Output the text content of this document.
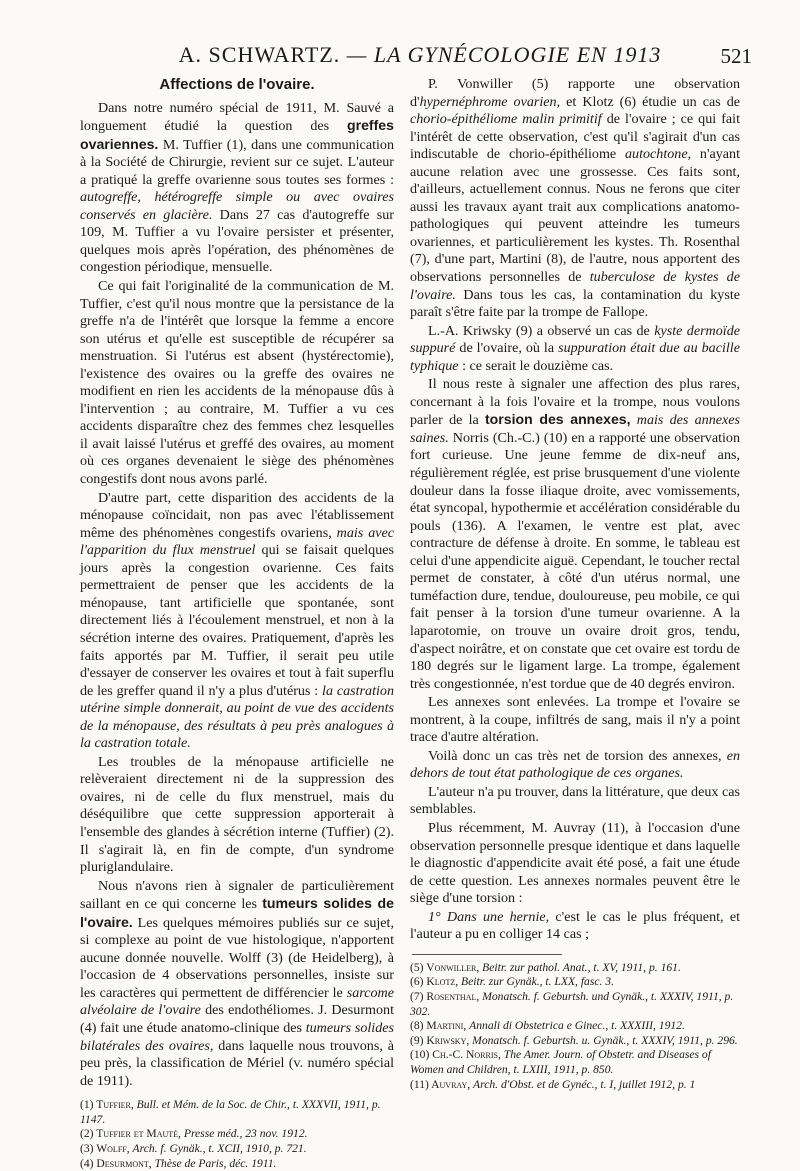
A. SCHWARTZ. — LA GYNÉCOLOGIE EN 1913	521
Affections de l'ovaire.

Dans notre numéro spécial de 1911, M. Sauvé a longuement étudié la question des greffes ovariennes. M. Tuffier (1), dans une communication à la Société de Chirurgie, revient sur ce sujet. L'auteur a pratiqué la greffe ovarienne sous toutes ses formes : autogreffe, hétérogreffe simple ou avec ovaires conservés en glacière. Dans 27 cas d'autogreffe sur 109, M. Tuffier a vu l'ovaire persister et présenter, quelques mois après l'opération, des phénomènes de congestion périodique, mensuelle.

Ce qui fait l'originalité de la communication de M. Tuffier, c'est qu'il nous montre que la persistance de la greffe n'a de l'intérêt que lorsque la femme a encore son utérus et qu'elle est susceptible de récupérer sa menstruation. Si l'utérus est absent (hystérectomie), l'existence des ovaires ou la greffe des ovaires ne modifient en rien les accidents de la ménopause dûs à l'intervention ; au contraire, M. Tuffier a vu ces accidents disparaître chez des femmes chez lesquelles il avait laissé l'utérus et greffé des ovaires, au moment où ces organes devenaient le siège des phénomènes congestifs dont nous avons parlé.

D'autre part, cette disparition des accidents de la ménopause coïncidait, non pas avec l'établissement même des phénomènes congestifs ovariens, mais avec l'apparition du flux menstruel qui se faisait quelques jours après la congestion ovarienne. Ces faits permettraient de penser que les accidents de la ménopause, tant artificielle que spontanée, sont directement liés à l'écoulement menstruel, et non à la sécrétion interne des ovaires. Pratiquement, d'après les faits apportés par M. Tuffier, il serait peu utile d'essayer de conserver les ovaires et tout à fait superflu de les greffer quand il n'y a plus d'utérus : la castration utérine simple donnerait, au point de vue des accidents de la ménopause, des résultats à peu près analogues à la castration totale.

Les troubles de la ménopause artificielle ne relèveraient directement ni de la suppression des ovaires, ni de celle du flux menstruel, mais du déséquilibre que cette suppression apporterait à l'ensemble des glandes à sécrétion interne (Tuffier) (2). Il s'agirait là, en fin de compte, d'un syndrome pluriglandulaire.

Nous n'avons rien à signaler de particulièrement saillant en ce qui concerne les tumeurs solides de l'ovaire. Les quelques mémoires publiés sur ce sujet, si complexe au point de vue histologique, n'apportent aucune donnée nouvelle. Wolff (3) (de Heidelberg), à l'occasion de 4 observations personnelles, insiste sur les caractères qui permettent de différencier le sarcome alvéolaire de l'ovaire des endothéliomes. J. Desurmont (4) fait une étude anatomo-clinique des tumeurs solides bilatérales des ovaires, dans laquelle nous trouvons, à peu près, la classification de Mériel (v. numéro spécial de 1911).

(1) Tuffier, Bull. et Mém. de la Soc. de Chir., t. XXXVII, 1911, p. 1147.
(2) Tuffier et Mauté, Presse méd., 23 nov. 1912.
(3) Wolff, Arch. f. Gynäk., t. XCII, 1910, p. 721.
(4) Desurmont, Thèse de Paris, déc. 1911.

P. Vonwiller (5) rapporte une observation d'hypernéphrome ovarien, et Klotz (6) étudie un cas de chorio-épithéliome malin primitif de l'ovaire ; ce qui fait l'intérêt de cette observation, c'est qu'il s'agirait d'un cas indiscutable de chorio-épithéliome autochtone, n'ayant aucune relation avec une grossesse. Ces faits sont, d'ailleurs, actuellement connus. Nous ne ferons que citer aussi les travaux ayant trait aux complications anatomo-pathologiques qui peuvent atteindre les tumeurs ovariennes, et particulièrement les kystes. Th. Rosenthal (7), d'une part, Martini (8), de l'autre, nous apportent des observations personnelles de tuberculose de kystes de l'ovaire. Dans tous les cas, la contamination du kyste paraît s'être faite par la trompe de Fallope.

L.-A. Kriwsky (9) a observé un cas de kyste dermoïde suppuré de l'ovaire, où la suppuration était due au bacille typhique : ce serait le douzième cas.

Il nous reste à signaler une affection des plus rares, concernant à la fois l'ovaire et la trompe, nous voulons parler de la torsion des annexes, mais des annexes saines. Norris (Ch.-C.) (10) en a rapporté une observation fort curieuse. Une jeune femme de dix-neuf ans, régulièrement réglée, est prise brusquement d'une violente douleur dans la fosse iliaque droite, avec vomissements, état syncopal, hypothermie et accélération considérable du pouls (136). A l'examen, le ventre est plat, avec contracture de défense à droite. En somme, le tableau est celui d'une appendicite aiguë. Cependant, le toucher rectal permet de constater, à côté d'un utérus normal, une tuméfaction dure, tendue, douloureuse, peu mobile, ce qui fait penser à la torsion d'une tumeur ovarienne. A la laparotomie, on trouve un ovaire droit gros, tendu, d'aspect noirâtre, et on constate que cet ovaire est tordu de 180 degrés sur le ligament large. La trompe, également très congestionnée, n'est tordue que de 40 degrés environ.

Les annexes sont enlevées. La trompe et l'ovaire se montrent, à la coupe, infiltrés de sang, mais il n'y a point trace d'autre altération.

Voilà donc un cas très net de torsion des annexes, en dehors de tout état pathologique de ces organes.

L'auteur n'a pu trouver, dans la littérature, que deux cas semblables.

Plus récemment, M. Auvray (11), à l'occasion d'une observation personnelle presque identique et dans laquelle le diagnostic d'appendicite avait été posé, a fait une étude de cette question. Les annexes normales peuvent être le siège d'une torsion :

1° Dans une hernie, c'est le cas le plus fréquent, et l'auteur a pu en colliger 14 cas ;

(5) Vonwiller, Beitr. zur pathol. Anat., t. XV, 1911, p. 161.
(6) Klotz, Beitr. zur Gynäk., t. LXX, fasc. 3.
(7) Rosenthal, Monatsch. f. Geburtsh. und Gynäk., t. XXXIV, 1911, p. 302.
(8) Martini, Annali di Obstetrica e Ginec., t. XXXIII, 1912.
(9) Kriwsky, Monatsch. f. Geburtsh. u. Gynäk., t. XXXIV, 1911, p. 296.
(10) Ch.-C. Norris, The Amer. Journ. of Obstetr. and Diseases of Women and Children, t. LXIII, 1911, p. 850.
(11) Auvray, Arch. d'Obst. et de Gynéc., t. I, juillet 1912, p. 1
